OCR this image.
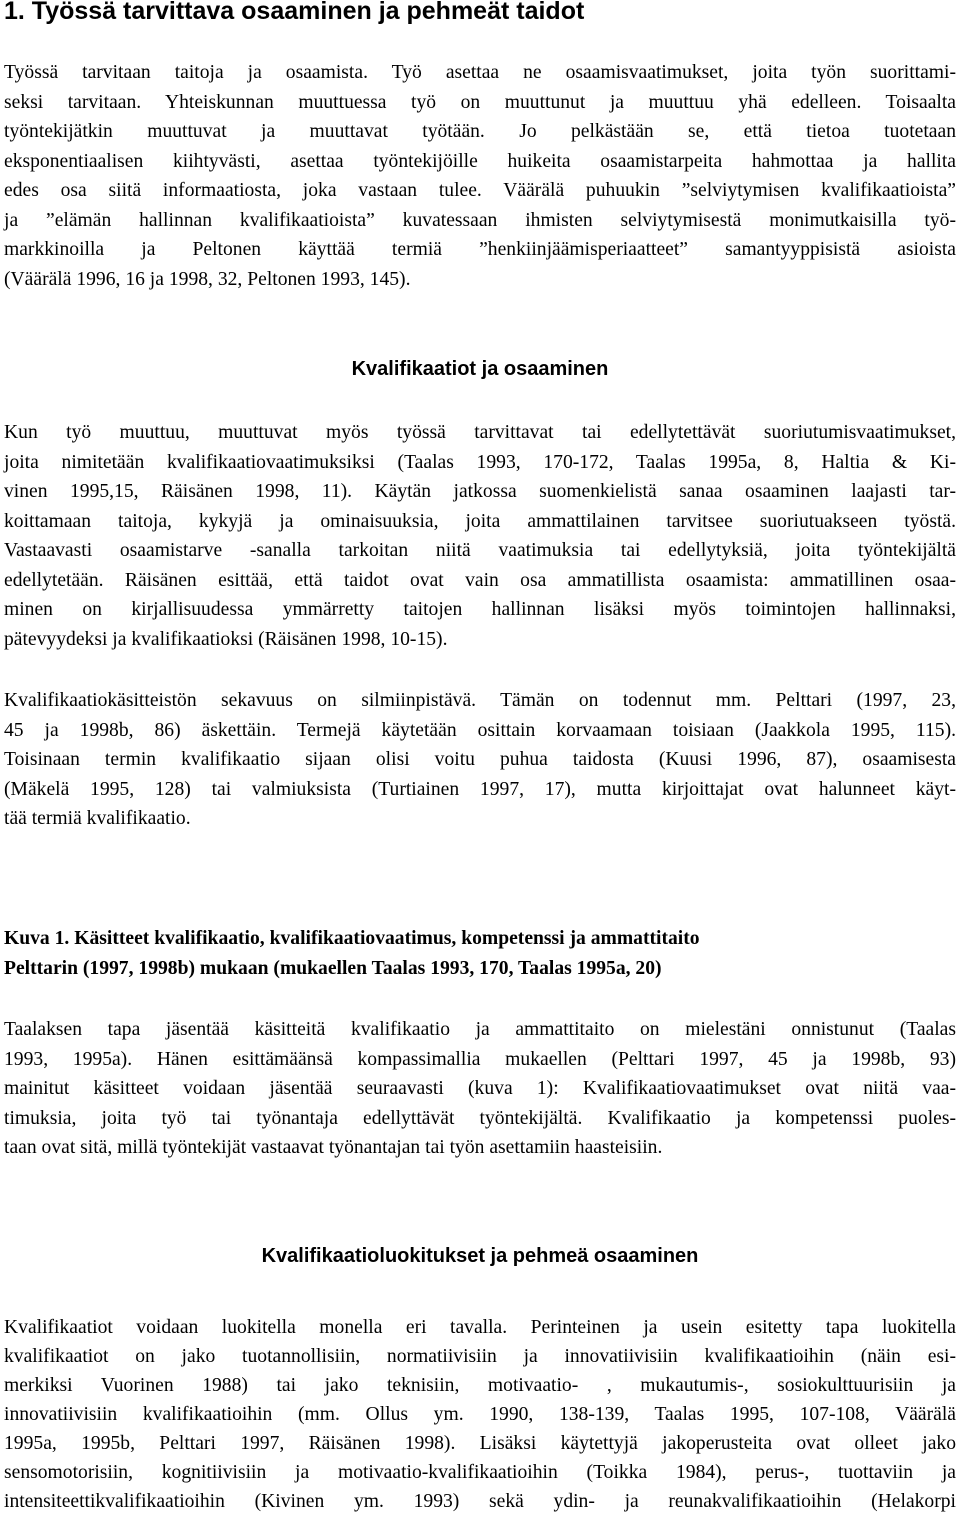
1. Työssä tarvittava osaaminen ja pehmeät taidot
Työssä tarvitaan taitoja ja osaamista. Työ asettaa ne osaamisvaatimukset, joita työn suorittami-
seksi tarvitaan. Yhteiskunnan muuttuessa työ on muuttunut ja muuttuu yhä edelleen. Toisaalta
työntekijätkin muuttuvat ja muuttavat työtään. Jo pelkästään se, että tietoa tuotetaan
eksponentiaalisen kiihtyvästi, asettaa työntekijöille huikeita osaamistarpeita hahmottaa ja hallita
edes osa siitä informaatiosta, joka vastaan tulee. Väärälä puhuukin ”selviytymisen kvalifikaatioista”
ja ”elämän hallinnan kvalifikaatioista” kuvatessaan ihmisten selviytymisestä monimutkaisilla työ-
markkinoilla ja Peltonen käyttää termiä ”henkiinjäämisperiaatteet” samantyyppisistä asioista
(Väärälä 1996, 16 ja 1998, 32, Peltonen 1993, 145).
Kvalifikaatiot ja osaaminen
Kun työ muuttuu, muuttuvat myös työssä tarvittavat tai edellytettävät suoriutumisvaatimukset,
joita nimitetään kvalifikaatiovaatimuksiksi (Taalas 1993, 170-172, Taalas 1995a, 8, Haltia & Ki-
vinen 1995,15, Räisänen 1998, 11). Käytän jatkossa suomenkielistä sanaa osaaminen laajasti tar-
koittamaan taitoja, kykyjä ja ominaisuuksia, joita ammattilainen tarvitsee suoriutuakseen työstä.
Vastaavasti osaamistarve -sanalla tarkoitan niitä vaatimuksia tai edellytyksiä, joita työntekijältä
edellytetään. Räisänen esittää, että taidot ovat vain osa ammatillista osaamista: ammatillinen osaa-
minen on kirjallisuudessa ymmärretty taitojen hallinnan lisäksi myös toimintojen hallinnaksi,
pätevyydeksi ja kvalifikaatioksi (Räisänen 1998, 10-15).
Kvalifikaatiokäsitteistön sekavuus on silmiinpistävä. Tämän on todennut mm. Pelttari (1997, 23,
45 ja 1998b, 86) äskettäin. Termejä käytetään osittain korvaamaan toisiaan (Jaakkola 1995, 115).
Toisinaan termin kvalifikaatio sijaan olisi voitu puhua taidosta (Kuusi 1996, 87), osaamisesta
(Mäkelä 1995, 128) tai valmiuksista (Turtiainen 1997, 17), mutta kirjoittajat ovat halunneet käyt-
tää termiä kvalifikaatio.
Kuva 1. Käsitteet kvalifikaatio, kvalifikaatiovaatimus, kompetenssi ja ammattitaito
Pelttarin (1997, 1998b) mukaan (mukaellen Taalas 1993, 170, Taalas 1995a, 20)
Taalaksen tapa jäsentää käsitteitä kvalifikaatio ja ammattitaito on mielestäni onnistunut (Taalas
1993, 1995a). Hänen esittämäänsä kompassimallia mukaellen (Pelttari 1997, 45 ja 1998b, 93)
mainitut käsitteet voidaan jäsentää seuraavasti (kuva 1): Kvalifikaatiovaatimukset ovat niitä vaa-
timuksia, joita työ tai työnantaja edellyttävät työntekijältä. Kvalifikaatio ja kompetenssi puoles-
taan ovat sitä, millä työntekijät vastaavat työnantajan tai työn asettamiin haasteisiin.
Kvalifikaatioluokitukset ja pehmeä osaaminen
Kvalifikaatiot voidaan luokitella monella eri tavalla. Perinteinen ja usein esitetty tapa luokitella
kvalifikaatiot on jako tuotannollisiin, normatiivisiin ja innovatiivisiin kvalifikaatioihin (näin esi-
merkiksi Vuorinen 1988) tai jako teknisiin, motivaatio- , mukautumis-, sosiokulttuurisiin ja
innovatiivisiin kvalifikaatioihin (mm. Ollus ym. 1990, 138-139, Taalas 1995, 107-108, Väärälä
1995a, 1995b, Pelttari 1997, Räisänen 1998). Lisäksi käytettyjä jakoperusteita ovat olleet jako
sensomotorisiin, kognitiivisiin ja motivaatio-kvalifikaatioihin (Toikka 1984), perus-, tuottaviin ja
intensiteettikvalifikaatioihin (Kivinen ym. 1993) sekä ydin- ja reunakvalifikaatioihin (Helakorpi
